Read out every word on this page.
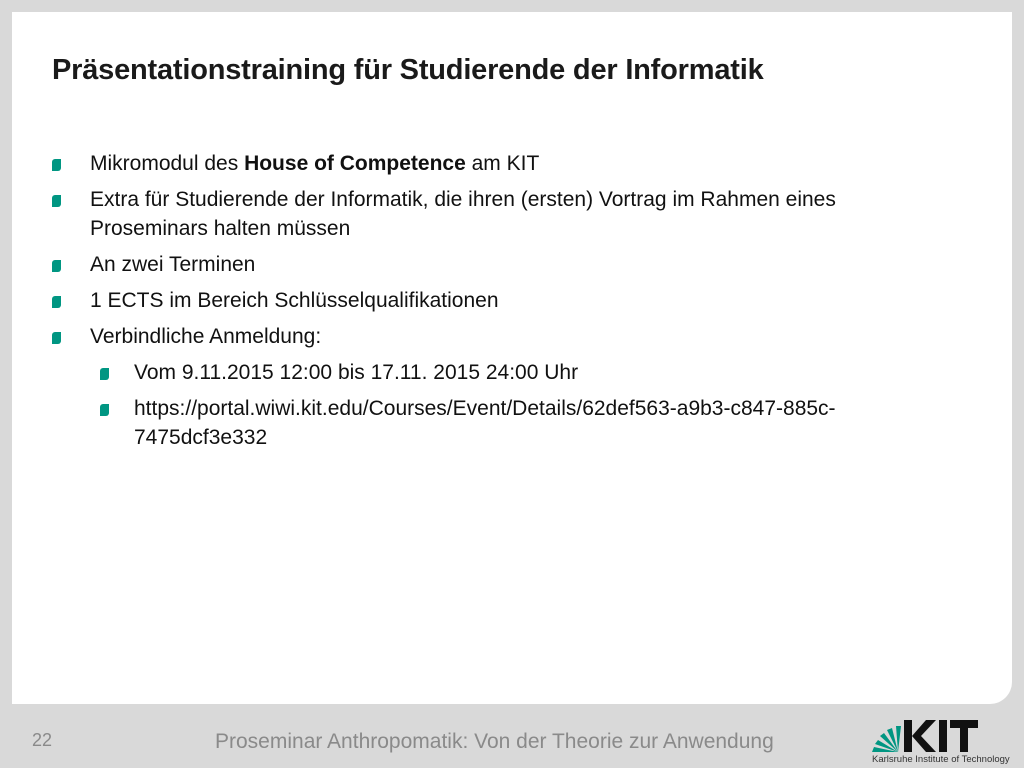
Präsentationstraining für Studierende der Informatik
Mikromodul des House of Competence am KIT
Extra für Studierende der Informatik, die ihren (ersten) Vortrag im Rahmen eines Proseminars halten müssen
An zwei Terminen
1 ECTS im Bereich Schlüsselqualifikationen
Verbindliche Anmeldung:
Vom 9.11.2015 12:00 bis 17.11. 2015 24:00 Uhr
https://portal.wiwi.kit.edu/Courses/Event/Details/62def563-a9b3-c847-885c-7475dcf3e332
22	Proseminar Anthropomatik: Von der Theorie zur Anwendung
KIT
Karlsruhe Institute of Technology
